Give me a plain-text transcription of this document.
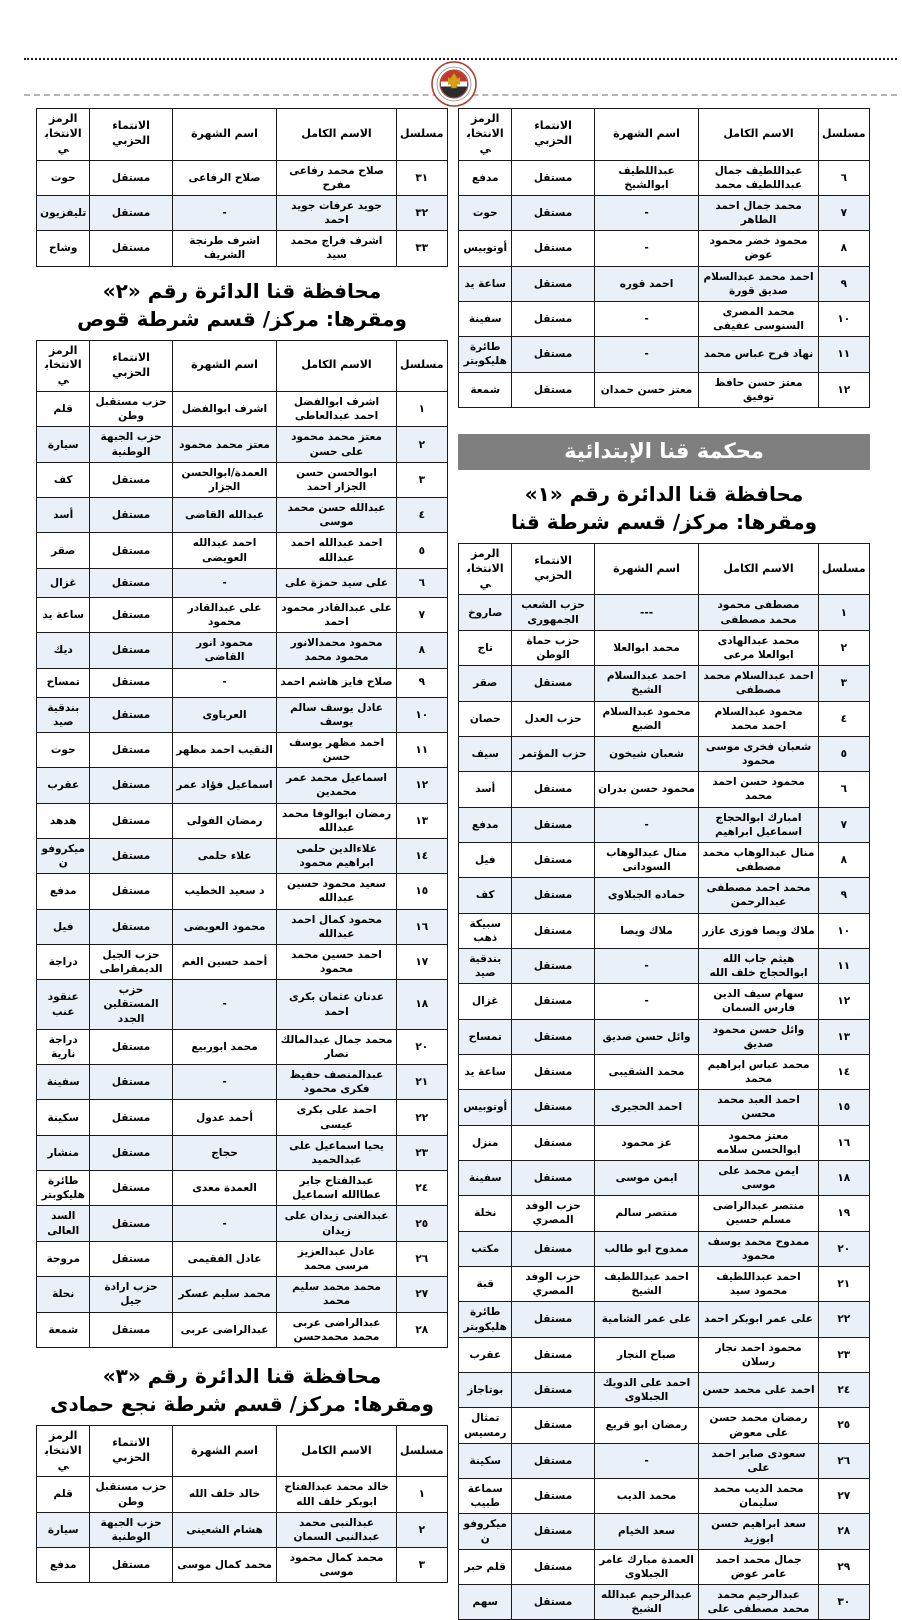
مسلسل	الاسم الكامل	اسم الشهرة	الانتماء الحزبي	الرمز الانتخابي
٦	عبداللطيف جمال عبداللطيف محمد	عبداللطيف ابوالشيخ	مستقل	مدفع
٧	محمد جمال احمد الطاهر	-	مستقل	حوت
٨	محمود خضر محمود عوض	-	مستقل	أوتوبيس
٩	احمد محمد عبدالسلام صديق قورة	احمد قوره	مستقل	ساعة يد
١٠	محمد المصرى السنوسى عفيفى	-	مستقل	سفينة
١١	نهاد فرح عباس محمد	-	مستقل	طائرة هليكوبتر
١٢	معتز حسن حافظ توفيق	معتز حسن حمدان	مستقل	شمعة
محكمة قنا الإبتدائية
محافظة قنا الدائرة رقم «١»
ومقرها: مركز/ قسم شرطة قنا
مسلسل	الاسم الكامل	اسم الشهرة	الانتماء الحزبي	الرمز الانتخابي
١	مصطفى محمود محمد مصطفى	---	حزب الشعب الجمهورى	صاروخ
٢	محمد عبدالهادى ابوالعلا مرعى	محمد ابوالعلا	حزب حماة الوطن	تاج
٣	احمد عبدالسلام محمد مصطفى	احمد عبدالسلام الشيخ	مستقل	صقر
٤	محمود عبدالسلام احمد محمد	محمود عبدالسلام الضبع	حزب العدل	حصان
٥	شعبان فخرى موسى محمود	شعبان شيخون	حزب المؤتمر	سيف
٦	محمود حسن احمد محمد	محمود حسن بدران	مستقل	أسد
٧	امبارك ابوالحجاج اسماعيل ابراهيم	-	مستقل	مدفع
٨	منال عبدالوهاب محمد مصطفى	منال عبدالوهاب السودانى	مستقل	فيل
٩	محمد احمد مصطفى عبدالرحمن	حماده الجبلاوى	مستقل	كف
١٠	ملاك ويصا فوزى عازر	ملاك ويصا	مستقل	سبيكة ذهب
١١	هيثم جاب الله ابوالحجاج خلف الله	-	مستقل	بندقية صيد
١٢	سهام سيف الدين فارس السمان	-	مستقل	غزال
١٣	وائل حسن محمود صديق	وائل حسن صديق	مستقل	تمساح
١٤	محمد عباس ابراهيم محمد	محمد الشقيبى	مستقل	ساعة يد
١٥	احمد العبد محمد محسن	احمد الحجيرى	مستقل	أوتوبيس
١٦	معتز محمود ابوالحسن سلامه	عز محمود	مستقل	منزل
١٨	ايمن محمد على موسى	ايمن موسى	مستقل	سفينة
١٩	منتصر عبدالراضى مسلم حسين	منتصر سالم	حزب الوفد المصري	نخلة
٢٠	ممدوح محمد يوسف محمود	ممدوح ابو طالب	مستقل	مكتب
٢١	احمد عبداللطيف محمود سيد	احمد عبداللطيف الشيخ	حزب الوفد المصري	قبة
٢٢	على عمر ابوبكر احمد	على عمر الشامية	مستقل	طائرة هليكوبتر
٢٣	محمود احمد نجار رسلان	صباح النجار	مستقل	عقرب
٢٤	احمد على محمد حسن	احمد على الدويك الجبلاوى	مستقل	بوتاجاز
٢٥	رمضان محمد حسن على معوض	رمضان ابو قريع	مستقل	تمثال رمسيس
٢٦	سعودى صابر احمد على	-	مستقل	سكينة
٢٧	محمد الديب محمد سليمان	محمد الديب	مستقل	سماعة طبيب
٢٨	سعد ابراهيم حسن ابوزيد	سعد الخيام	مستقل	ميكروفون
٢٩	جمال محمد احمد عامر عوض	العمدة مبارك عامر الجبلاوى	مستقل	قلم حبر
٣٠	عبدالرحيم محمد محمد مصطفى على	عبدالرحيم عبدالله الشيخ	مستقل	سهم
مسلسل	الاسم الكامل	اسم الشهرة	الانتماء الحزبي	الرمز الانتخابي
٣١	صلاح محمد رفاعى مفرح	صلاح الرفاعى	مستقل	حوت
٣٢	جويد عرفات جويد احمد	-	مستقل	تليفزيون
٣٣	اشرف فراج محمد سيد	اشرف طرنجة الشريف	مستقل	وشاح
محافظة قنا الدائرة رقم «٢»
ومقرها: مركز/ قسم شرطة قوص
مسلسل	الاسم الكامل	اسم الشهرة	الانتماء الحزبي	الرمز الانتخابي
١	اشرف ابوالفضل احمد عبدالعاطى	اشرف ابوالفضل	حزب مستقبل وطن	قلم
٢	معتز محمد محمود على حسن	معتز محمد محمود	حزب الجبهة الوطنية	سيارة
٣	ابوالحسن حسن الجزار احمد	العمدة/ابوالحسن الجزار	مستقل	كف
٤	عبدالله حسن محمد موسى	عبدالله القاضى	مستقل	أسد
٥	احمد عبدالله احمد عبدالله	احمد عبدالله العويضى	مستقل	صقر
٦	على سيد حمزة على	-	مستقل	غزال
٧	على عبدالقادر محمود احمد	على عبدالقادر محمود	مستقل	ساعة يد
٨	محمود محمدالانور محمود محمد	محمود انور القاضى	مستقل	ديك
٩	صلاح فايز هاشم احمد	-	مستقل	تمساح
١٠	عادل يوسف سالم يوسف	العرباوى	مستقل	بندقية صيد
١١	احمد مظهر يوسف حسن	النقيب احمد مظهر	مستقل	حوت
١٢	اسماعيل محمد عمر محمدين	اسماعيل فؤاد عمر	مستقل	عقرب
١٣	رمضان ابوالوفا محمد عبدالله	رمضان الفولى	مستقل	هدهد
١٤	علاءالدين حلمى ابراهيم محمود	علاء حلمى	مستقل	ميكروفون
١٥	سعيد محمود حسين عبدالله	د سعيد الخطيب	مستقل	مدفع
١٦	محمود كمال احمد عبدالله	محمود العويضى	مستقل	فيل
١٧	احمد حسين محمد محمود	أحمد حسين الغم	حزب الجيل الديمقراطى	دراجة
١٨	عدنان عثمان بكرى احمد	-	حزب المستقلين الجدد	عنقود عنب
٢٠	محمد جمال عبدالمالك نصار	محمد ابوربيع	مستقل	دراجة نارية
٢١	عبدالمنصف حفيظ فكرى محمود	-	مستقل	سفينة
٢٢	احمد على بكرى عيسى	أحمد عدول	مستقل	سكينة
٢٣	يحيا اسماعيل على عبدالحميد	حجاج	مستقل	منشار
٢٤	عبدالفتاح جابر عطاالله اسماعيل	العمدة معدى	مستقل	طائرة هليكوبتر
٢٥	عبدالغنى زيدان على زيدان	-	مستقل	السد العالى
٢٦	عادل عبدالعزيز مرسى محمد	عادل الفقيمى	مستقل	مروحة
٢٧	محمد محمد سليم محمد	محمد سليم عسكر	حزب ارادة جيل	نحلة
٢٨	عبدالراضى عربى محمد محمدحسن	عبدالراضى عربى	مستقل	شمعة
محافظة قنا الدائرة رقم «٣»
ومقرها: مركز/ قسم شرطة نجع حمادى
مسلسل	الاسم الكامل	اسم الشهرة	الانتماء الحزبي	الرمز الانتخابي
١	خالد محمد عبدالفتاح ابوبكر خلف الله	خالد خلف الله	حزب مستقبل وطن	قلم
٢	عبدالنبى محمد عبدالنبى السمان	هشام الشعينى	حزب الجبهة الوطنية	سيارة
٣	محمد كمال محمود موسى	محمد كمال موسى	مستقل	مدفع
